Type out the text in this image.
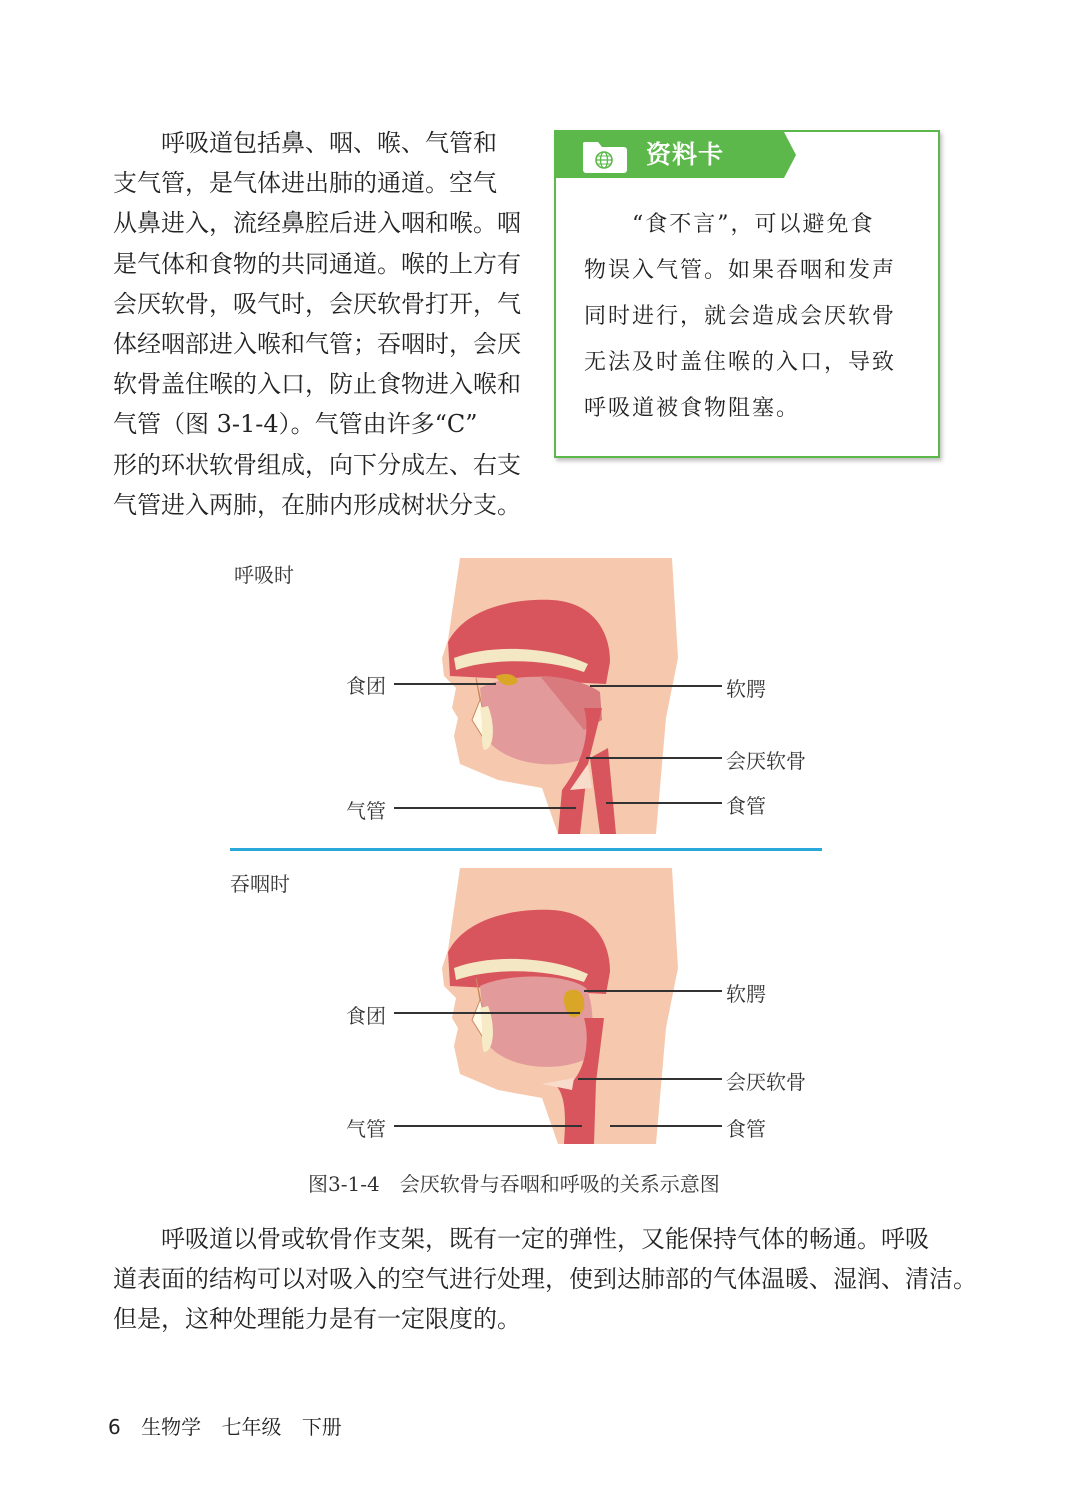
　　呼吸道包括鼻、咽、喉、气管和
支气管，是气体进出肺的通道。空气
从鼻进入，流经鼻腔后进入咽和喉。咽
是气体和食物的共同通道。喉的上方有
会厌软骨，吸气时，会厌软骨打开，气
体经咽部进入喉和气管；吞咽时，会厌
软骨盖住喉的入口，防止食物进入喉和
气管（图 3-1-4）。气管由许多“C”
形的环状软骨组成，向下分成左、右支
气管进入两肺，在肺内形成树状分支。

资料卡
　　“食不言”，可以避免食
物误入气管。如果吞咽和发声
同时进行，就会造成会厌软骨
无法及时盖住喉的入口，导致
呼吸道被食物阻塞。
呼吸时
食团	软腭
会厌软骨
气管	食管
吞咽时
食团
软腭
会厌软骨
气管	食管
图3-1-4　会厌软骨与吞咽和呼吸的关系示意图

　　呼吸道以骨或软骨作支架，既有一定的弹性，又能保持气体的畅通。呼吸
道表面的结构可以对吸入的空气进行处理，使到达肺部的气体温暖、湿润、清洁。
但是，这种处理能力是有一定限度的。

6 生物学 七年级 下册
